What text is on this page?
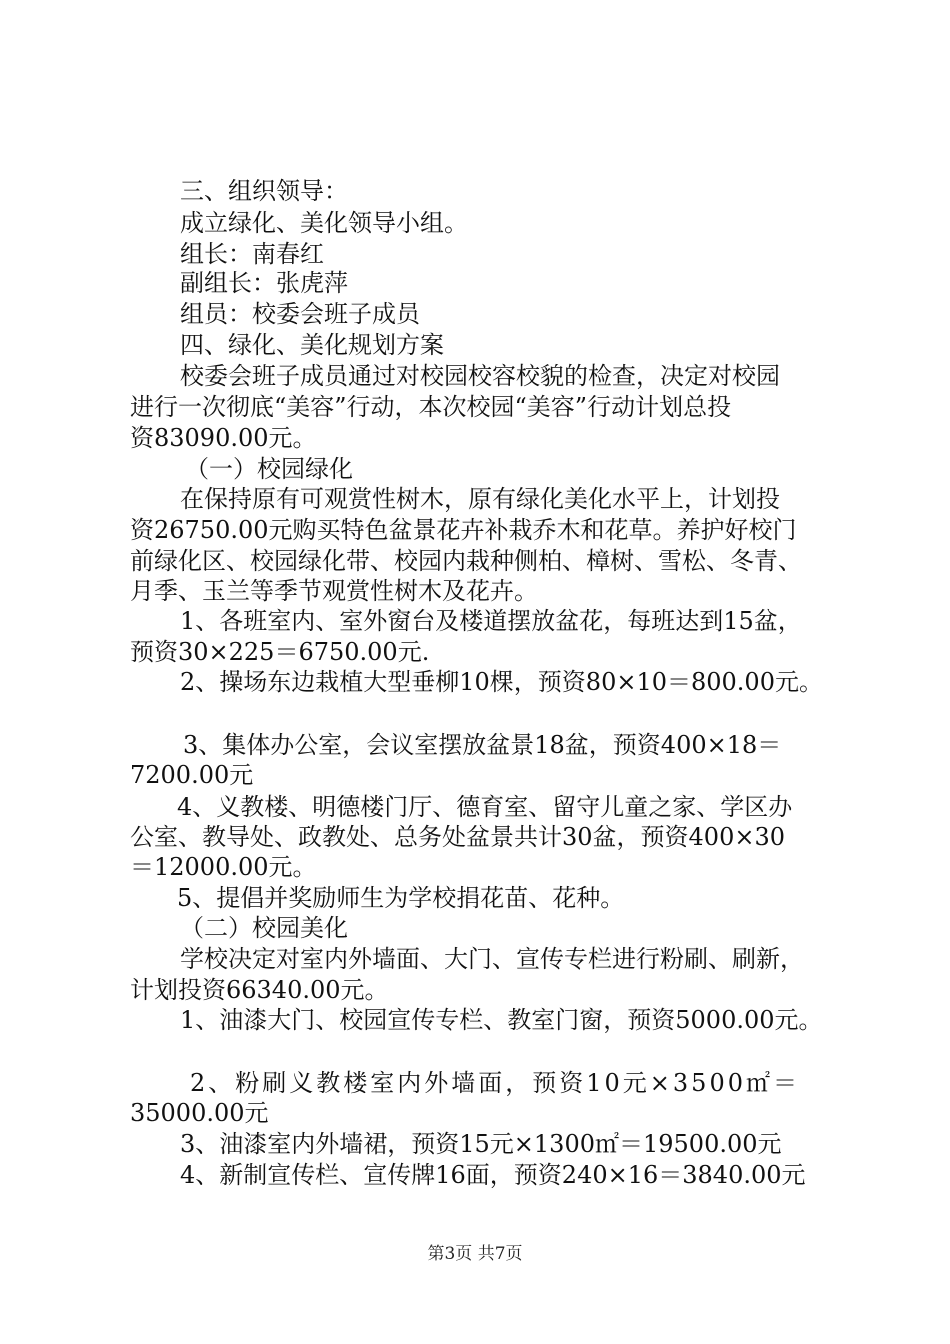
三、组织领导：
成立绿化、美化领导小组。
组长：南春红
副组长：张虎萍
组员：校委会班子成员
四、绿化、美化规划方案
校委会班子成员通过对校园校容校貌的检查，决定对校园
进行一次彻底“美容”行动，本次校园“美容”行动计划总投
资83090.00元。
（一）校园绿化
在保持原有可观赏性树木，原有绿化美化水平上，计划投
资26750.00元购买特色盆景花卉补栽乔木和花草。养护好校门
前绿化区、校园绿化带、校园内栽种侧柏、樟树、雪松、冬青、
月季、玉兰等季节观赏性树木及花卉。
1、各班室内、室外窗台及楼道摆放盆花，每班达到15盆，
预资30×225＝6750.00元.
2、操场东边栽植大型垂柳10棵，预资80×10＝800.00元。
3、集体办公室，会议室摆放盆景18盆，预资400×18＝
7200.00元
4、义教楼、明德楼门厅、德育室、留守儿童之家、学区办
公室、教导处、政教处、总务处盆景共计30盆，预资400×30
＝12000.00元。
5、提倡并奖励师生为学校捐花苗、花种。
（二）校园美化
学校决定对室内外墙面、大门、宣传专栏进行粉刷、刷新，
计划投资66340.00元。
1、油漆大门、校园宣传专栏、教室门窗，预资5000.00元。
2、粉刷义教楼室内外墙面，预资10元×3500㎡＝
35000.00元
3、油漆室内外墙裙，预资15元×1300㎡＝19500.00元
4、新制宣传栏、宣传牌16面，预资240×16＝3840.00元
第3页 共7页
